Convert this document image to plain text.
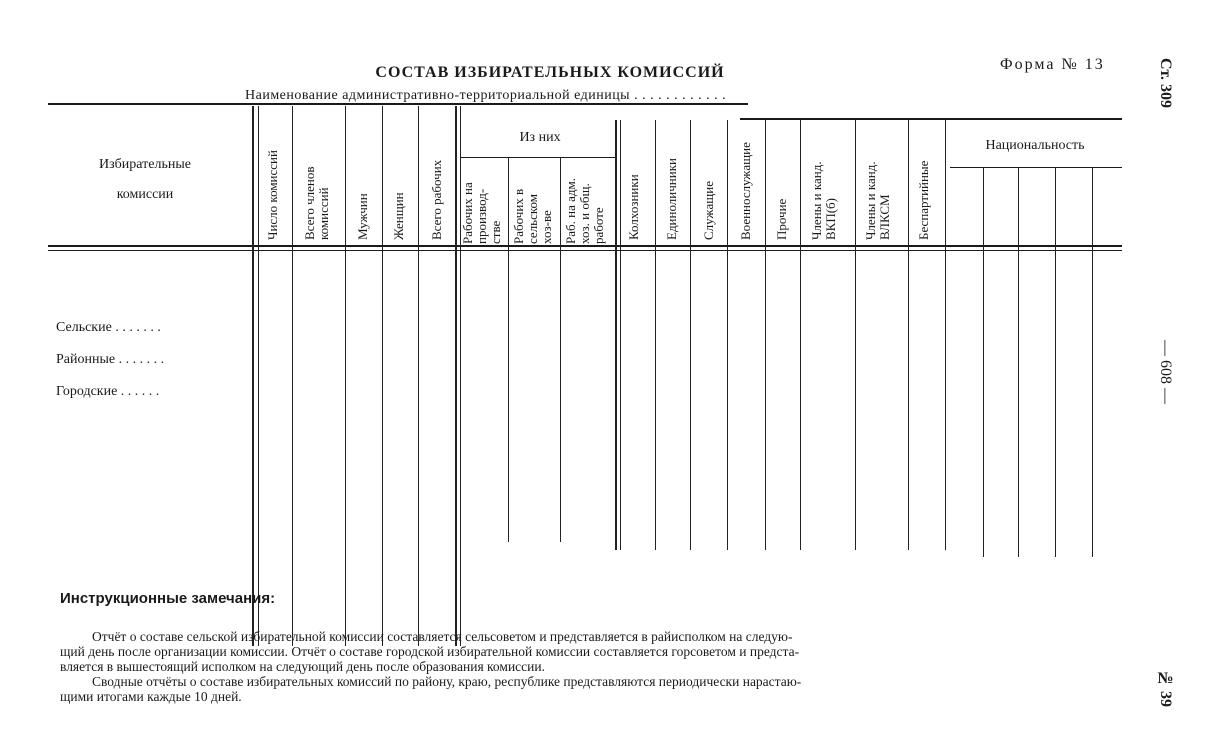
СОСТАВ ИЗБИРАТЕЛЬНЫХ КОМИССИЙ	Форма № 13
Наименование административно-территориальной единицы . . . . . . . . . . . .
Избирательные
комиссии
Из них
Национальность
Число комиссий Всего членов
комиссий Мужчин Женщин Всего рабочих Рабочих на
производ-
стве Рабочих в
сельском
хоз-ве Раб. на адм.
хоз. и общ.
работе Колхозники Единоличники Служащие Военнослужащие Прочие Члены и канд.
ВКП(б) Члены и канд.
ВЛКСМ Беспартийные
Сельские . . . . . . .
Районные . . . . . . .
Городские . . . . . .
Инструкционные замечания:
Отчёт о составе сельской избирательной комиссии составляется сельсоветом и представляется в райисполком на следую-
щий день после организации комиссии. Отчёт о составе городской избирательной комиссии составляется горсоветом и предста-
вляется в вышестоящий исполком на следующий день после образования комиссии.
Сводные отчёты о составе избирательных комиссий по району, краю, республике представляются периодически нарастаю-
щими итогами каждые 10 дней.
Ст. 309
— 608 —
№ 39
